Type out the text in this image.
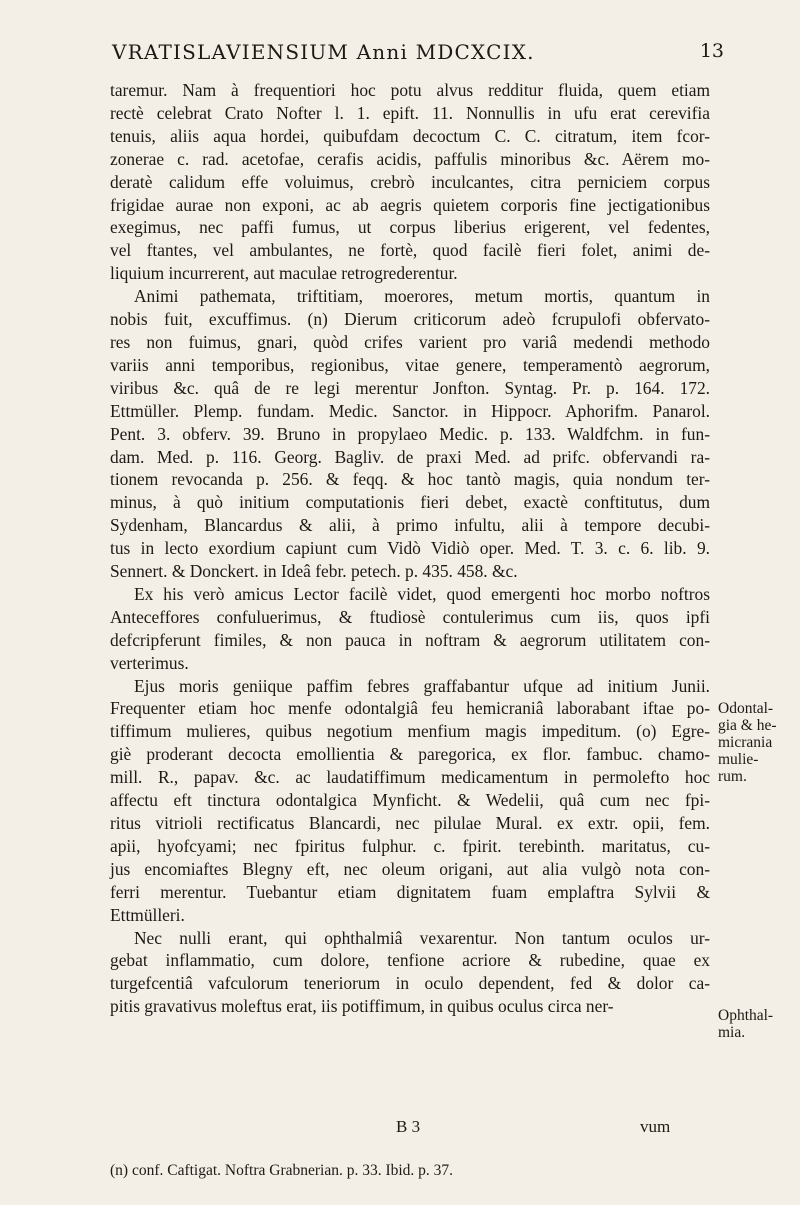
VRATISLAVIENSIUM Anni MDCXCIX.	13
taremur. Nam à frequentiori hoc potu alvus redditur fluida, quem etiam
rectè celebrat Crato Nofter l. 1. epift. 11. Nonnullis in ufu erat cerevifia
tenuis, aliis aqua hordei, quibufdam decoctum C. C. citratum, item fcor-
zonerae c. rad. acetofae, cerafis acidis, paffulis minoribus &c. Aërem mo-
deratè calidum effe voluimus, crebrò inculcantes, citra perniciem corpus
frigidae aurae non exponi, ac ab aegris quietem corporis fine jectigationibus
exegimus, nec paffi fumus, ut corpus liberius erigerent, vel fedentes,
vel ftantes, vel ambulantes, ne fortè, quod facilè fieri folet, animi de-
liquium incurrerent, aut maculae retrogrederentur.
Animi pathemata, triftitiam, moerores, metum mortis, quantum in
nobis fuit, excuffimus. (n) Dierum criticorum adeò fcrupulofi obfervato-
res non fuimus, gnari, quòd crifes varient pro variâ medendi methodo
variis anni temporibus, regionibus, vitae genere, temperamentò aegrorum,
viribus &c. quâ de re legi merentur Jonfton. Syntag. Pr. p. 164. 172.
Ettmüller. Plemp. fundam. Medic. Sanctor. in Hippocr. Aphorifm. Panarol.
Pent. 3. obferv. 39. Bruno in propylaeo Medic. p. 133. Waldfchm. in fun-
dam. Med. p. 116. Georg. Bagliv. de praxi Med. ad prifc. obfervandi ra-
tionem revocanda p. 256. & feqq. & hoc tantò magis, quia nondum ter-
minus, à quò initium computationis fieri debet, exactè conftitutus, dum
Sydenham, Blancardus & alii, à primo infultu, alii à tempore decubi-
tus in lecto exordium capiunt cum Vidò Vidiò oper. Med. T. 3. c. 6. lib. 9.
Sennert. & Donckert. in Ideâ febr. petech. p. 435. 458. &c.
Ex his verò amicus Lector facilè videt, quod emergenti hoc morbo noftros
Anteceffores confuluerimus, & ftudiosè contulerimus cum iis, quos ipfi
defcripferunt fimiles, & non pauca in noftram & aegrorum utilitatem con-
verterimus.
Ejus moris geniique paffim febres graffabantur ufque ad initium Junii.
Frequenter etiam hoc menfe odontalgiâ feu hemicraniâ laborabant iftae po-
tiffimum mulieres, quibus negotium menfium magis impeditum. (o) Egre-
giè proderant decocta emollientia & paregorica, ex flor. fambuc. chamo-
mill. R., papav. &c. ac laudatiffimum medicamentum in permolefto hoc
affectu eft tinctura odontalgica Mynficht. & Wedelii, quâ cum nec fpi-
ritus vitrioli rectificatus Blancardi, nec pilulae Mural. ex extr. opii, fem.
apii, hyofcyami; nec fpiritus fulphur. c. fpirit. terebinth. maritatus, cu-
jus encomiaftes Blegny eft, nec oleum origani, aut alia vulgò nota con-
ferri merentur. Tuebantur etiam dignitatem fuam emplaftra Sylvii &
Ettmülleri.
Nec nulli erant, qui ophthalmiâ vexarentur. Non tantum oculos ur-
gebat inflammatio, cum dolore, tenfione acriore & rubedine, quae ex
turgefcentiâ vafculorum teneriorum in oculo dependent, fed & dolor ca-
pitis gravativus moleftus erat, iis potiffimum, in quibus oculus circa ner-
Odontal-
gia & he-
micrania
mulie-
rum.
Ophthal-
mia.
B 3	vum
(n) conf. Caftigat. Noftra Grabnerian. p. 33. Ibid. p. 37.
